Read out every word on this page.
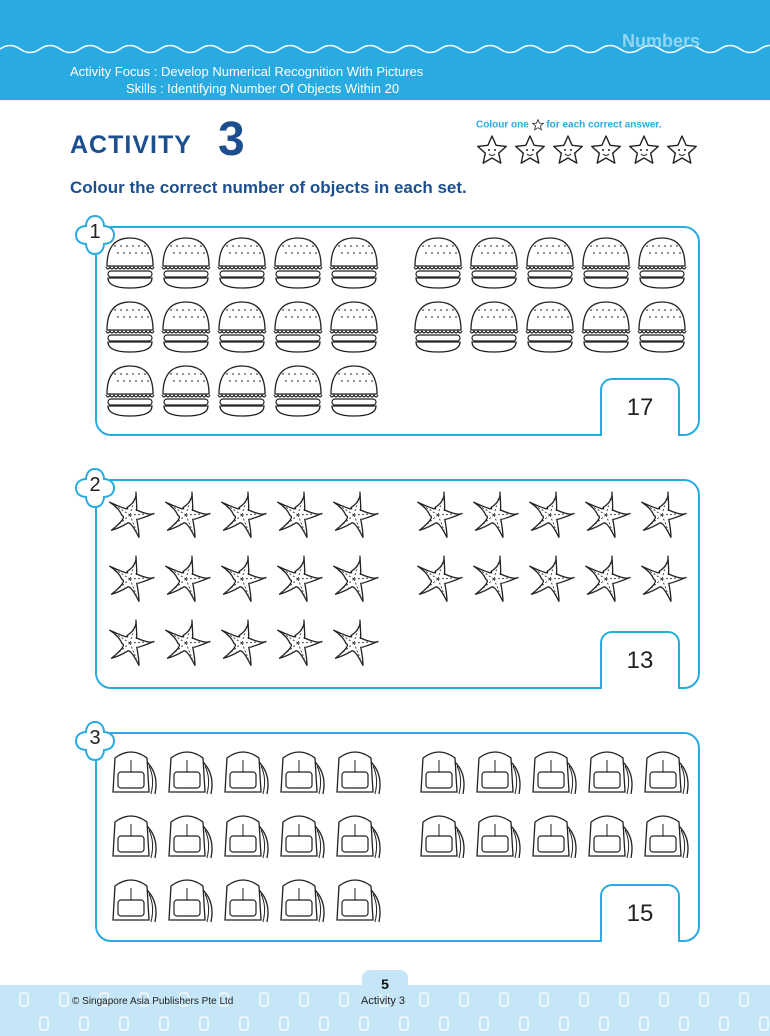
Numbers
Activity Focus : Develop Numerical Recognition With Pictures
Skills : Identifying Number Of Objects Within 20
ACTIVITY 3	Colour one for each correct answer.
Colour the correct number of objects in each set.
17
1
13
2
15
3
5
© Singapore Asia Publishers Pte Ltd	Activity 3
